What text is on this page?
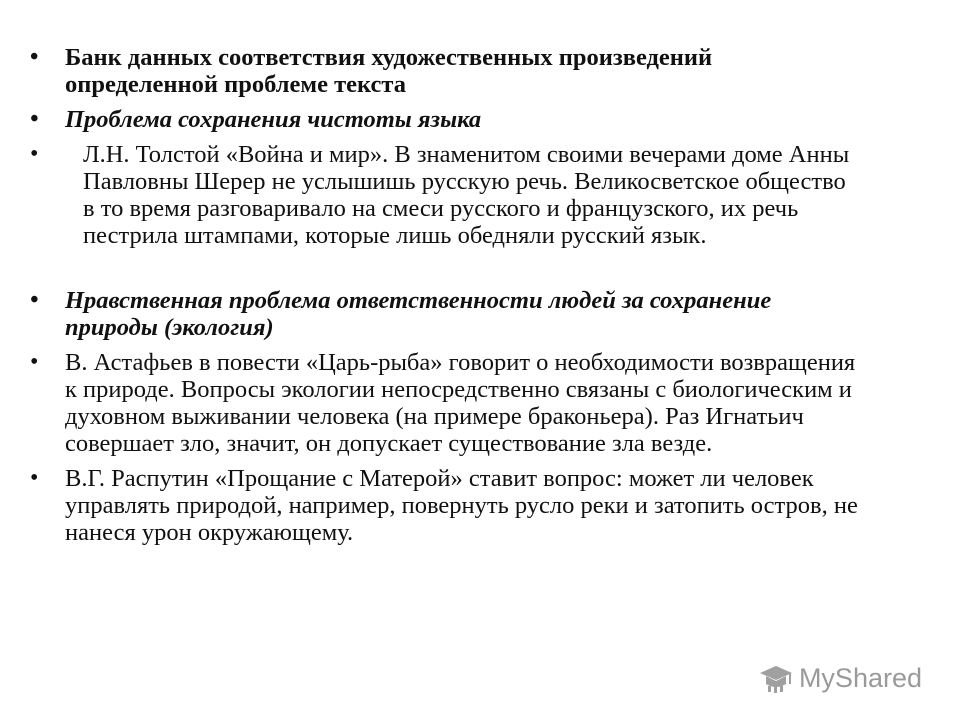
• Банк данных соответствия художественных произведений определенной проблеме текста
• Проблема сохранения чистоты языка
•	Л.Н. Толстой «Война и мир». В знаменитом своими вечерами доме Анны Павловны Шерер не услышишь русскую речь. Великосветское общество в то время разговаривало на смеси русского и французского, их речь пестрила штампами, которые лишь обедняли русский язык.
• Нравственная проблема ответственности людей за сохранение природы (экология)
• В. Астафьев в повести «Царь-рыба» говорит о необходимости возвращения к природе. Вопросы экологии непосредственно связаны с биологическим и духовном выживании человека (на примере браконьера). Раз Игнатьич совершает зло, значит, он допускает существование зла везде.
• В.Г. Распутин «Прощание с Матерой» ставит вопрос: может ли человек управлять природой, например, повернуть русло реки и затопить остров, не нанеся урон окружающему.
MyShared
